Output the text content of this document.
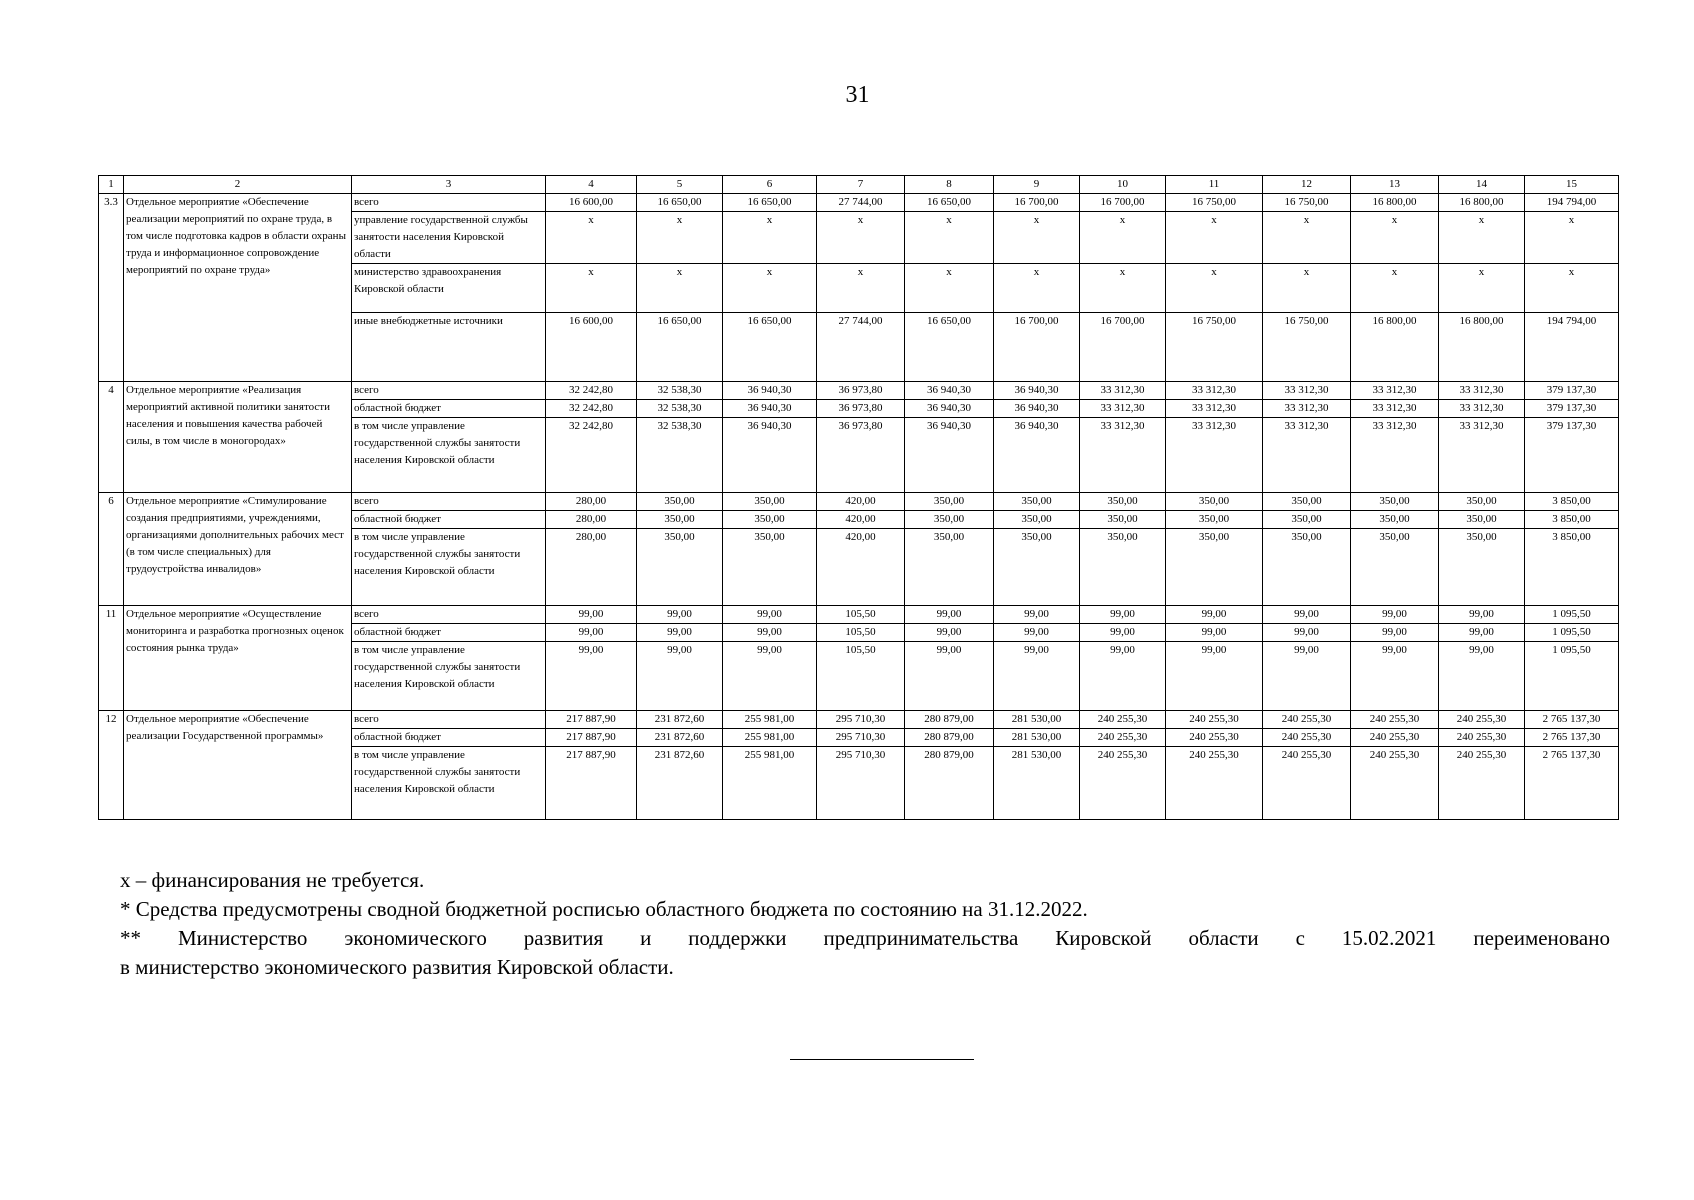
31
1	2	3	4	5	6	7	8	9	10	11	12	13	14	15
3.3	Отдельное мероприятие «Обеспечение реализации мероприятий по охране труда, в том числе подготовка кадров в области охраны труда и информационное сопровождение мероприятий по охране труда»	всего	16 600,00	16 650,00	16 650,00	27 744,00	16 650,00	16 700,00	16 700,00	16 750,00	16 750,00	16 800,00	16 800,00	194 794,00
		управление государственной службы занятости населения Кировской области	x	x	x	x	x	x	x	x	x	x	x	x
		министерство здравоохранения Кировской области	x	x	x	x	x	x	x	x	x	x	x	x
		иные внебюджетные источники	16 600,00	16 650,00	16 650,00	27 744,00	16 650,00	16 700,00	16 700,00	16 750,00	16 750,00	16 800,00	16 800,00	194 794,00
4	Отдельное мероприятие «Реализация мероприятий активной политики занятости населения и повышения качества рабочей силы, в том числе в моногородах»	всего	32 242,80	32 538,30	36 940,30	36 973,80	36 940,30	36 940,30	33 312,30	33 312,30	33 312,30	33 312,30	33 312,30	379 137,30
		областной бюджет	32 242,80	32 538,30	36 940,30	36 973,80	36 940,30	36 940,30	33 312,30	33 312,30	33 312,30	33 312,30	33 312,30	379 137,30
		в том числе управление государственной службы занятости населения Кировской области	32 242,80	32 538,30	36 940,30	36 973,80	36 940,30	36 940,30	33 312,30	33 312,30	33 312,30	33 312,30	33 312,30	379 137,30
6	Отдельное мероприятие «Стимулирование создания предприятиями, учреждениями, организациями дополнительных рабочих мест (в том числе специальных) для трудоустройства инвалидов»	всего	280,00	350,00	350,00	420,00	350,00	350,00	350,00	350,00	350,00	350,00	350,00	3 850,00
		областной бюджет	280,00	350,00	350,00	420,00	350,00	350,00	350,00	350,00	350,00	350,00	350,00	3 850,00
		в том числе управление государственной службы занятости населения Кировской области	280,00	350,00	350,00	420,00	350,00	350,00	350,00	350,00	350,00	350,00	350,00	3 850,00
11	Отдельное мероприятие «Осуществление мониторинга и разработка прогнозных оценок состояния рынка труда»	всего	99,00	99,00	99,00	105,50	99,00	99,00	99,00	99,00	99,00	99,00	99,00	1 095,50
		областной бюджет	99,00	99,00	99,00	105,50	99,00	99,00	99,00	99,00	99,00	99,00	99,00	1 095,50
		в том числе управление государственной службы занятости населения Кировской области	99,00	99,00	99,00	105,50	99,00	99,00	99,00	99,00	99,00	99,00	99,00	1 095,50
12	Отдельное мероприятие «Обеспечение реализации Государственной программы»	всего	217 887,90	231 872,60	255 981,00	295 710,30	280 879,00	281 530,00	240 255,30	240 255,30	240 255,30	240 255,30	240 255,30	2 765 137,30
		областной бюджет	217 887,90	231 872,60	255 981,00	295 710,30	280 879,00	281 530,00	240 255,30	240 255,30	240 255,30	240 255,30	240 255,30	2 765 137,30
		в том числе управление государственной службы занятости населения Кировской области	217 887,90	231 872,60	255 981,00	295 710,30	280 879,00	281 530,00	240 255,30	240 255,30	240 255,30	240 255,30	240 255,30	2 765 137,30

x – финансирования не требуется.

* Средства предусмотрены сводной бюджетной росписью областного бюджета по состоянию на 31.12.2022.

** Министерство экономического развития и поддержки предпринимательства Кировской области с 15.02.2021 переименовано

в министерство экономического развития Кировской области.
